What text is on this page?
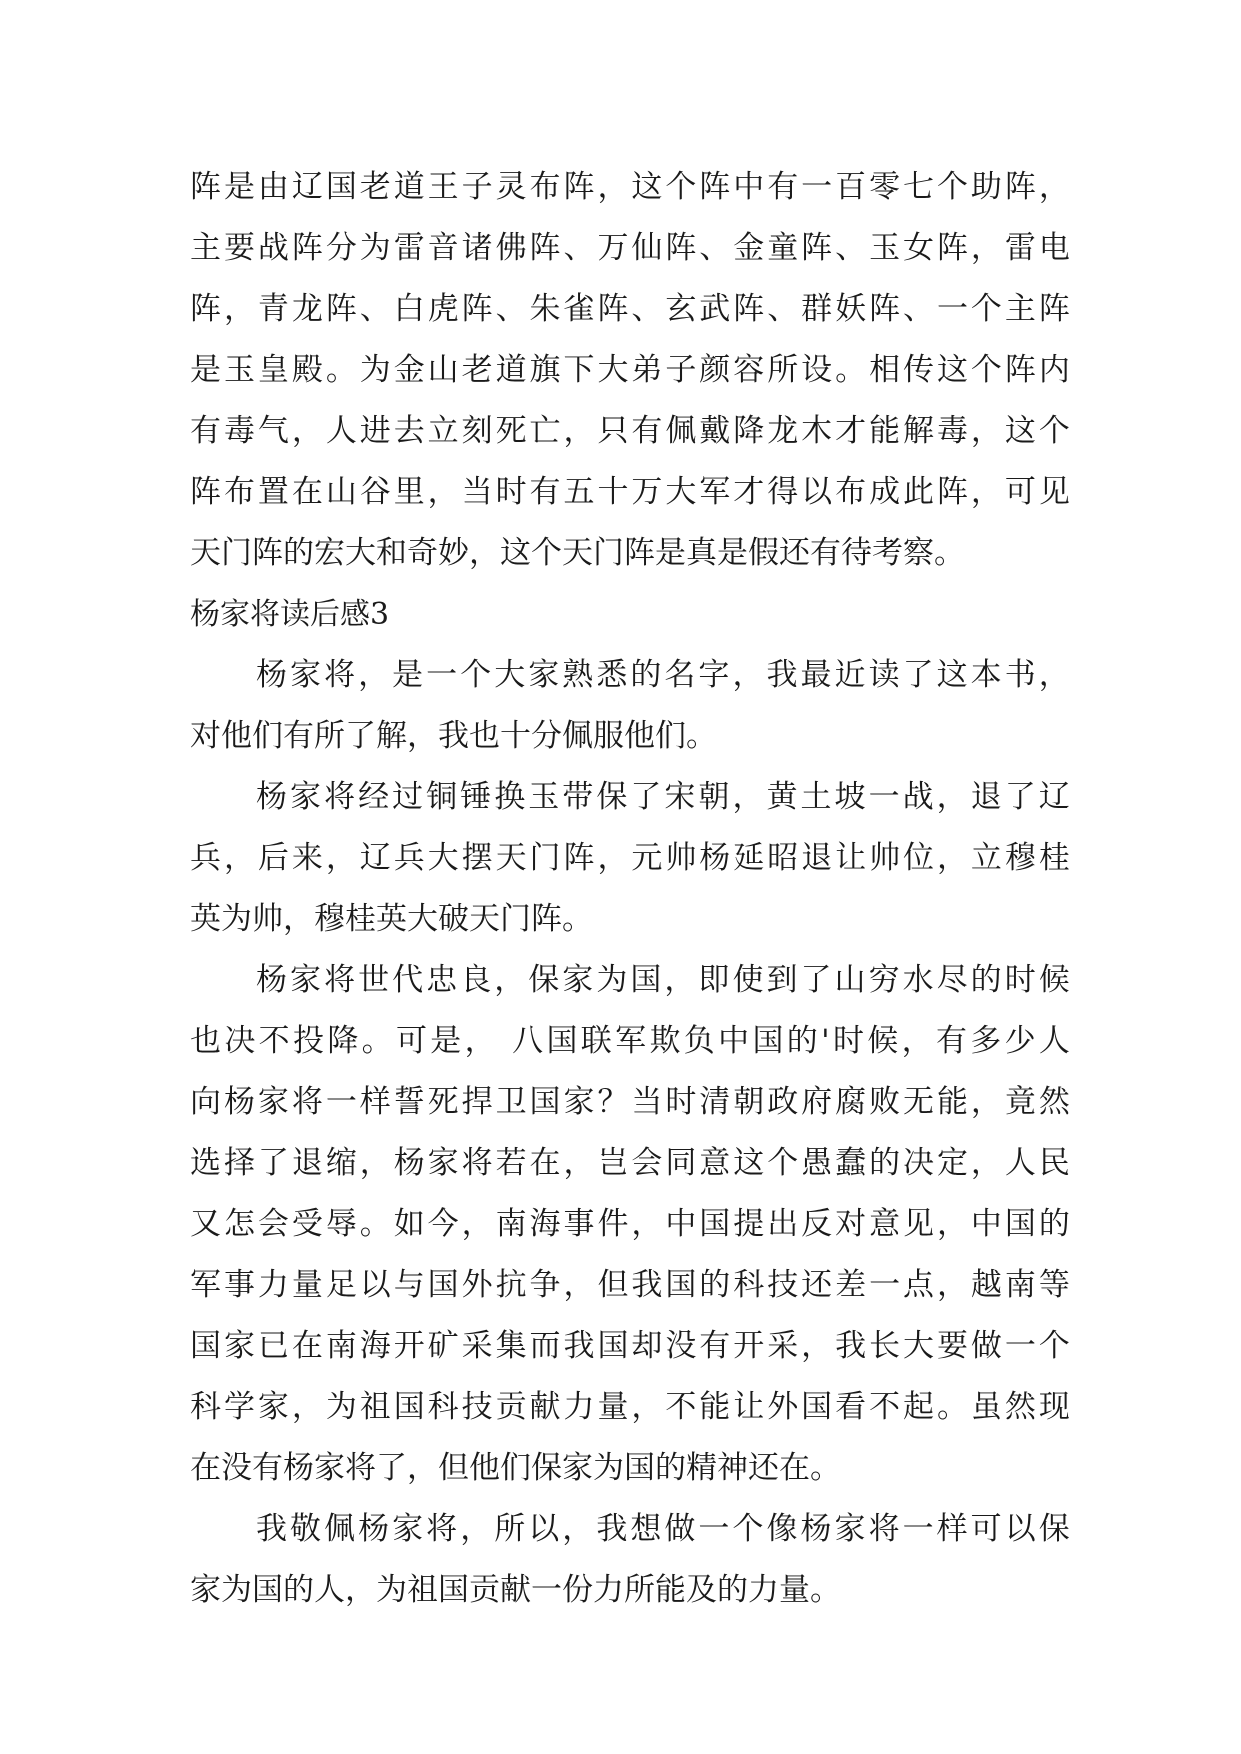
阵 是 由 辽 国 老 道 王 子 灵 布 阵 ， 这 个 阵 中 有 一 百 零 七 个 助 阵 ，
主 要 战 阵 分 为 雷 音 诸 佛 阵 、 万 仙 阵 、 金 童 阵 、 玉 女 阵 ， 雷 电
阵 ， 青 龙 阵 、 白 虎 阵 、 朱 雀 阵 、 玄 武 阵 、 群 妖 阵 、 一 个 主 阵
是 玉 皇 殿 。 为 金 山 老 道 旗 下 大 弟 子 颜 容 所 设 。 相 传 这 个 阵 内
有 毒 气 ， 人 进 去 立 刻 死 亡 ， 只 有 佩 戴 降 龙 木 才 能 解 毒 ， 这 个
阵 布 置 在 山 谷 里 ， 当 时 有 五 十 万 大 军 才 得 以 布 成 此 阵 ， 可 见
天门阵的宏大和奇妙，这个天门阵是真是假还有待考察。
杨家将读后感3
杨 家 将 ， 是 一 个 大 家 熟 悉 的 名 字 ， 我 最 近 读 了 这 本 书 ，
对他们有所了解，我也十分佩服他们。
杨 家 将 经 过 铜 锤 换 玉 带 保 了 宋 朝 ， 黄 土 坡 一 战 ， 退 了 辽
兵 ， 后 来 ， 辽 兵 大 摆 天 门 阵 ， 元 帅 杨 延 昭 退 让 帅 位 ， 立 穆 桂
英为帅，穆桂英大破天门阵。
杨 家 将 世 代 忠 良 ， 保 家 为 国 ， 即 使 到 了 山 穷 水 尽 的 时 候
也 决 不 投 降 。 可 是 ，
八 国 联 军 欺 负 中 国 的 ' 时 候 ， 有 多 少 人
向 杨 家 将 一 样 誓 死 捍 卫 国 家 ？ 当 时 清 朝 政 府 腐 败 无 能 ， 竟 然
选 择 了 退 缩 ， 杨 家 将 若 在 ， 岂 会 同 意 这 个 愚 蠢 的 决 定 ， 人 民
又 怎 会 受 辱 。 如 今 ， 南 海 事 件 ， 中 国 提 出 反 对 意 见 ， 中 国 的
军 事 力 量 足 以 与 国 外 抗 争 ， 但 我 国 的 科 技 还 差 一 点 ， 越 南 等
国 家 已 在 南 海 开 矿 采 集 而 我 国 却 没 有 开 采 ， 我 长 大 要 做 一 个
科 学 家 ， 为 祖 国 科 技 贡 献 力 量 ， 不 能 让 外 国 看 不 起 。 虽 然 现
在没有杨家将了，但他们保家为国的精神还在。
我 敬 佩 杨 家 将 ， 所 以 ， 我 想 做 一 个 像 杨 家 将 一 样 可 以 保
家为国的人，为祖国贡献一份力所能及的力量。
